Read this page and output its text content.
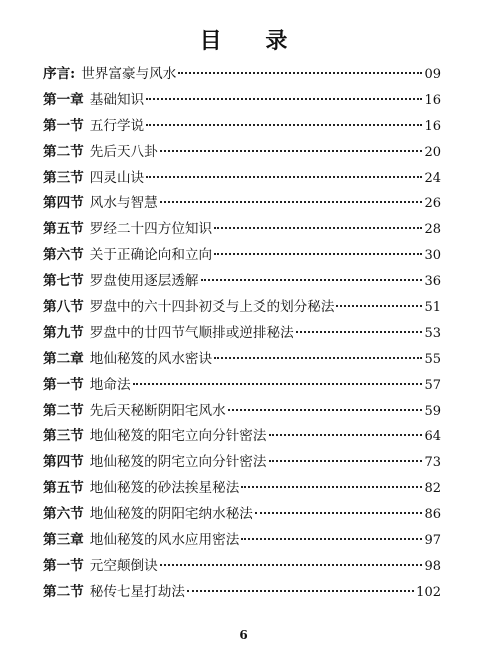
目 录
序言: 世界富豪与风水	09
第一章 基础知识	16
第一节 五行学说	16
第二节 先后天八卦	20
第三节 四灵山诀	24
第四节 风水与智慧	26
第五节 罗经二十四方位知识	28
第六节 关于正确论向和立向	30
第七节 罗盘使用逐层透解	36
第八节 罗盘中的六十四卦初爻与上爻的划分秘法	51
第九节 罗盘中的廿四节气顺排或逆排秘法	53
第二章 地仙秘笈的风水密诀	55
第一节 地命法	57
第二节 先后天秘断阴阳宅风水	59
第三节 地仙秘笈的阳宅立向分针密法	64
第四节 地仙秘笈的阴宅立向分针密法	73
第五节 地仙秘笈的砂法挨星秘法	82
第六节 地仙秘笈的阴阳宅纳水秘法	86
第三章 地仙秘笈的风水应用密法	97
第一节 元空颠倒诀	98
第二节 秘传七星打劫法	102
6
